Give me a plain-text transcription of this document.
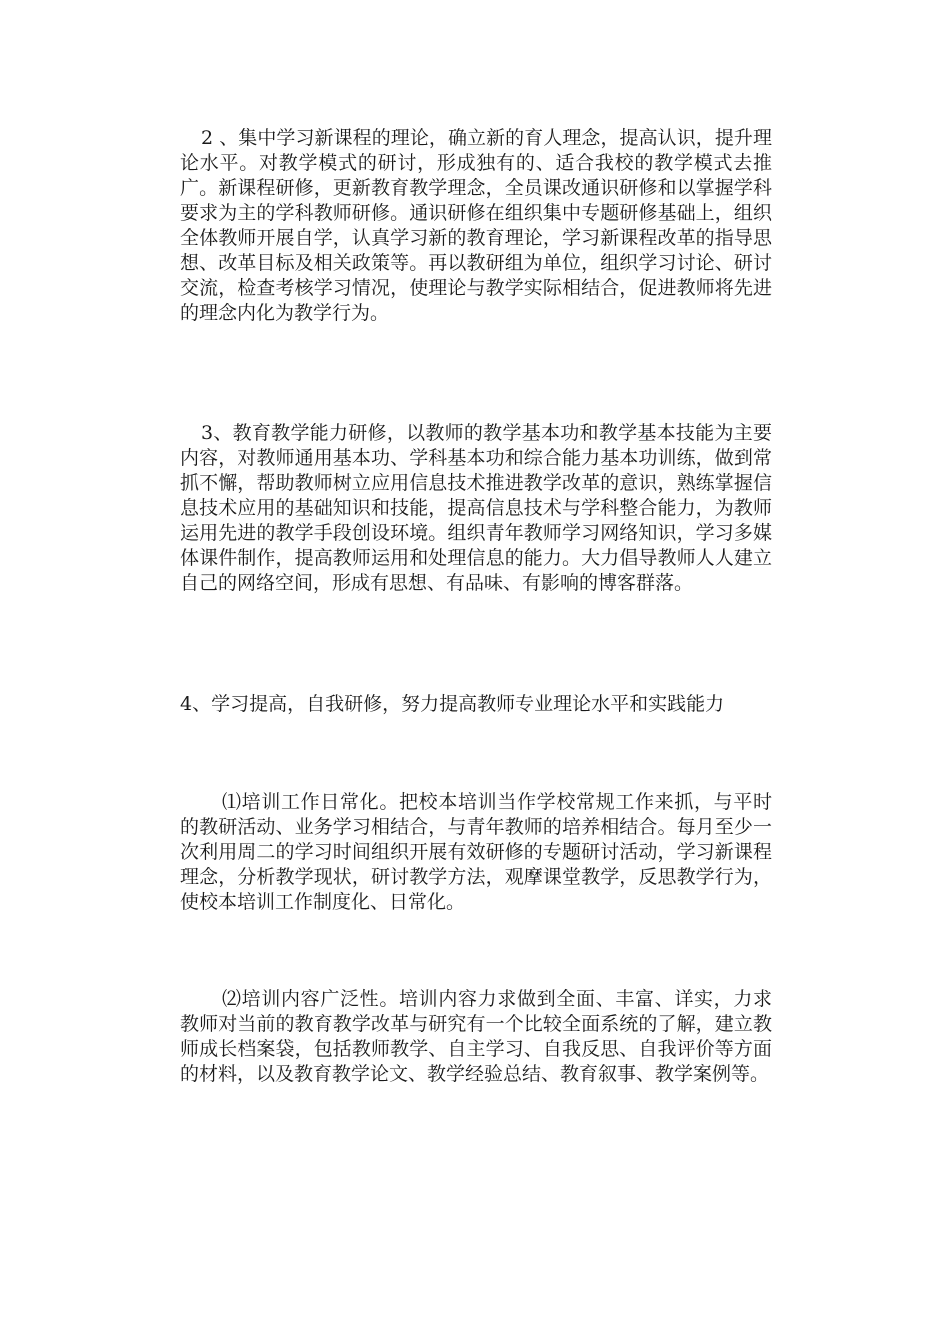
2 、集中学习新课程的理论，确立新的育人理念，提高认识，提升理论水平。对教学模式的研讨，形成独有的、适合我校的教学模式去推广。新课程研修，更新教育教学理念，全员课改通识研修和以掌握学科要求为主的学科教师研修。通识研修在组织集中专题研修基础上，组织全体教师开展自学，认真学习新的教育理论，学习新课程改革的指导思想、改革目标及相关政策等。再以教研组为单位，组织学习讨论、研讨交流，检查考核学习情况，使理论与教学实际相结合，促进教师将先进的理念内化为教学行为。

3、教育教学能力研修，以教师的教学基本功和教学基本技能为主要内容，对教师通用基本功、学科基本功和综合能力基本功训练，做到常抓不懈，帮助教师树立应用信息技术推进教学改革的意识，熟练掌握信息技术应用的基础知识和技能，提高信息技术与学科整合能力，为教师运用先进的教学手段创设环境。组织青年教师学习网络知识，学习多媒体课件制作，提高教师运用和处理信息的能力。大力倡导教师人人建立自己的网络空间，形成有思想、有品味、有影响的博客群落。

4、学习提高，自我研修，努力提高教师专业理论水平和实践能力

⑴培训工作日常化。把校本培训当作学校常规工作来抓，与平时的教研活动、业务学习相结合，与青年教师的培养相结合。每月至少一次利用周二的学习时间组织开展有效研修的专题研讨活动，学习新课程理念，分析教学现状，研讨教学方法，观摩课堂教学，反思教学行为，使校本培训工作制度化、日常化。

⑵培训内容广泛性。培训内容力求做到全面、丰富、详实，力求教师对当前的教育教学改革与研究有一个比较全面系统的了解，建立教师成长档案袋，包括教师教学、自主学习、自我反思、自我评价等方面的材料，以及教育教学论文、教学经验总结、教育叙事、教学案例等。
